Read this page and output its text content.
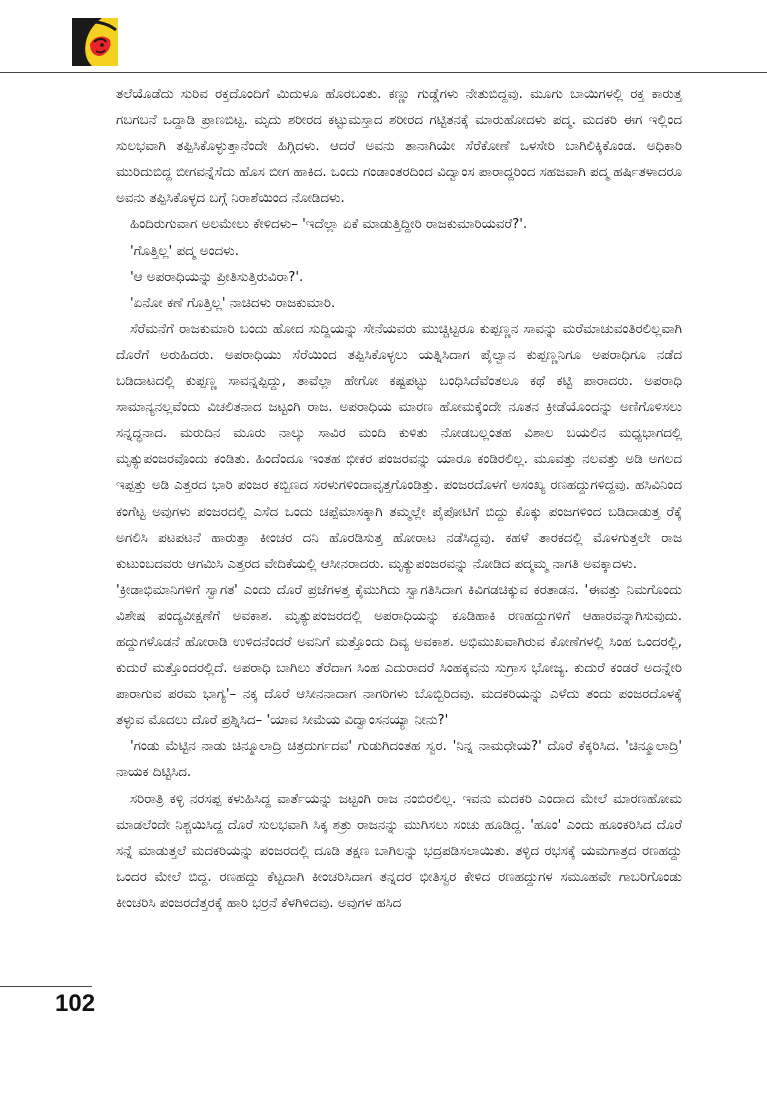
ತಲೆಯೊಡೆದು ಸುರಿವ ರಕ್ತದೊಂದಿಗೆ ಮಿದುಳೂ ಹೊರಬಂತು. ಕಣ್ಣು ಗುಡ್ಡೆಗಳು ನೇತುಬಿದ್ದವು. ಮೂಗು ಬಾಯಿಗಳಲ್ಲಿ ರಕ್ತ ಕಾರುತ್ತ ಗಬಗಬನೆ ಒದ್ದಾಡಿ ಪ್ರಾಣಬಿಟ್ಟ. ಮೃದು ಶರೀರದ ಕಟ್ಟುಮಸ್ತಾದ ಶರೀರದ ಗಟ್ಟಿತನಕ್ಕೆ ಮಾರುಹೋದಳು ಪದ್ಮ. ಮದಕರಿ ಈಗ ಇಲ್ಲಿಂದ ಸುಲಭವಾಗಿ ತಪ್ಪಿಸಿಕೊಳ್ಳುತ್ತಾನೆಂದೇ ಹಿಗ್ಗಿದಳು. ಆದರೆ ಅವನು ತಾನಾಗಿಯೇ ಸೆರೆಕೋಣೆ ಒಳಸೇರಿ ಬಾಗಿಲಿಕ್ಕಿಕೊಂಡ. ಅಧಿಕಾರಿ ಮುರಿದುಬಿದ್ದ ಬೀಗವನ್ನೆಸೆದು ಹೊಸ ಬೀಗ ಹಾಕಿದ. ಒಂದು ಗಂಡಾಂತರದಿಂದ ವಿದ್ವಾಂಸ ಪಾರಾದ್ದರಿಂದ ಸಹಜವಾಗಿ ಪದ್ಮ ಹರ್ಷಿತಳಾದರೂ ಅವನು ತಪ್ಪಿಸಿಕೊಳ್ಳದ ಬಗ್ಗೆ ನಿರಾಶೆಯಿಂದ ನೋಡಿದಳು.

ಹಿಂದಿರುಗುವಾಗ ಅಲಮೇಲು ಕೇಳಿದಳು– 'ಇದೆಲ್ಲಾ ಏಕೆ ಮಾಡುತ್ತಿದ್ದೀರಿ ರಾಜಕುಮಾರಿಯವರೆ?'.

'ಗೊತ್ತಿಲ್ಲ' ಪದ್ಮ ಅಂದಳು.

'ಆ ಅಪರಾಧಿಯನ್ನು ಪ್ರೀತಿಸುತ್ತಿರುವಿರಾ?'.

'ಏನೋ ಕಣೆ ಗೊತ್ತಿಲ್ಲ' ನಾಚಿದಳು ರಾಜಕುಮಾರಿ.

ಸೆರೆಮನೆಗೆ ರಾಜಕುಮಾರಿ ಬಂದು ಹೋದ ಸುದ್ದಿಯನ್ನು ಸೇನೆಯವರು ಮುಚ್ಚಿಟ್ಟರೂ ಕುಪ್ಪಣ್ಣನ ಸಾವನ್ನು ಮರೆಮಾಚುವಂತಿರಲಿಲ್ಲವಾಗಿ ದೊರೆಗೆ ಅರುಹಿದರು. ಅಪರಾಧಿಯು ಸೆರೆಯಿಂದ ತಪ್ಪಿಸಿಕೊಳ್ಳಲು ಯತ್ನಿಸಿದಾಗ ಪೈಲ್ವಾನ ಕುಪ್ಪಣ್ಣನಿಗೂ ಅಪರಾಧಿಗೂ ನಡೆದ ಬಡಿದಾಟದಲ್ಲಿ ಕುಪ್ಪಣ್ಣ ಸಾವನ್ನಪ್ಪಿದ್ದು, ತಾವೆಲ್ಲಾ ಹೇಗೋ ಕಷ್ಟಪಟ್ಟು ಬಂಧಿಸಿದೆವೆಂತಲೂ ಕಥೆ ಕಟ್ಟಿ ಪಾರಾದರು. ಅಪರಾಧಿ ಸಾಮಾನ್ಯನಲ್ಲವೆಂದು ವಿಚಲಿತನಾದ ಜಟ್ಟಂಗಿ ರಾಜ. ಅಪರಾಧಿಯ ಮಾರಣ ಹೋಮಕ್ಕೆಂದೇ ನೂತನ ಕ್ರೀಡೆಯೊಂದನ್ನು ಅಣಿಗೊಳಿಸಲು ಸನ್ನದ್ಧನಾದ. ಮರುದಿನ ಮೂರು ನಾಲ್ಕು ಸಾವಿರ ಮಂದಿ ಕುಳಿತು ನೋಡಬಲ್ಲಂತಹ ವಿಶಾಲ ಬಯಲಿನ ಮಧ್ಯಭಾಗದಲ್ಲಿ ಮೃತ್ಯುಪಂಜರವೊಂದು ಕಂಡಿತು. ಹಿಂದೆಂದೂ ಇಂತಹ ಭೀಕರ ಪಂಜರವನ್ನು ಯಾರೂ ಕಂಡಿರಲಿಲ್ಲ. ಮೂವತ್ತು ನಲವತ್ತು ಅಡಿ ಅಗಲದ ಇಪ್ಪತ್ತು ಅಡಿ ಎತ್ತರದ ಭಾರಿ ಪಂಜರ ಕಬ್ಬಿಣದ ಸರಳುಗಳಿಂದಾವೃತ್ತಗೊಂಡಿತ್ತು. ಪಂಜರದೊಳಗೆ ಅಸಂಖ್ಯ ರಣಹದ್ದುಗಳಿದ್ದವು. ಹಸಿವಿನಿಂದ ಕಂಗೆಟ್ಟ ಅವುಗಳು ಪಂಜರದಲ್ಲಿ ಎಸೆದ ಒಂದು ಚಪ್ಪೆಮಾಸಕ್ಕಾಗಿ ತಮ್ಮಲ್ಲೇ ಪೈಪೋಟಿಗೆ ಬಿದ್ದು ಕೊಕ್ಕು ಪಂಜಗಳಿಂದ ಬಡಿದಾಡುತ್ತ ರೆಕ್ಕೆ ಅಗಲಿಸಿ ಪಟಪಟನೆ ಹಾರುತ್ತಾ ಕೀಂಚರ ದನಿ ಹೊರಡಿಸುತ್ತ ಹೋರಾಟ ನಡೆಸಿದ್ದವು. ಕಹಳೆ ತಾರಕದಲ್ಲಿ ಮೊಳಗುತ್ತಲೇ ರಾಜ ಕುಟುಂಬದವರು ಆಗಮಿಸಿ ಎತ್ತರದ ವೇದಿಕೆಯಲ್ಲಿ ಆಸೀನರಾದರು. ಮೃತ್ಯುಪಂಜರವನ್ನು ನೋಡಿದ ಪದ್ಮಮ್ಮ ನಾಗತಿ ಅವಕ್ಕಾದಳು.

'ಕ್ರೀಡಾಭಿಮಾನಿಗಳಿಗೆ ಸ್ವಾಗತ' ಎಂದು ದೊರೆ ಪ್ರಜೆಗಳತ್ತ ಕೈಮುಗಿದು ಸ್ವಾಗತಿಸಿದಾಗ ಕಿವಿಗಡಚಿಕ್ಕುವ ಕರತಾಡನ. 'ಈವತ್ತು ನಿಮಗೊಂದು ವಿಶೇಷ ಪಂದ್ಯವೀಕ್ಷಣೆಗೆ ಅವಕಾಶ. ಮೃತ್ಯುಪಂಜರದಲ್ಲಿ ಅಪರಾಧಿಯನ್ನು ಕೂಡಿಹಾಕಿ ರಣಹದ್ದುಗಳಿಗೆ ಆಹಾರವನ್ನಾಗಿಸುವುದು. ಹದ್ದುಗಳೊಡನೆ ಹೋರಾಡಿ ಉಳಿದನೆಂದರೆ ಅವನಿಗೆ ಮತ್ತೊಂದು ದಿವ್ಯ ಅವಕಾಶ. ಅಭಿಮುಖವಾಗಿರುವ ಕೋಣೆಗಳಲ್ಲಿ ಸಿಂಹ ಒಂದರಲ್ಲಿ, ಕುದುರೆ ಮತ್ತೊಂದರಲ್ಲಿದೆ. ಅಪರಾಧಿ ಬಾಗಿಲು ತೆರೆದಾಗ ಸಿಂಹ ಎದುರಾದರೆ ಸಿಂಹಕ್ಕವನು ಸುಗ್ರಾಸ ಭೋಜ್ಯ. ಕುದುರೆ ಕಂಡರೆ ಅದನ್ನೇರಿ ಪಾರಾಗುವ ಪರಮ ಭಾಗ್ಯ'– ನಕ್ಕ ದೊರೆ ಆಸೀನನಾದಾಗ ನಾಗರಿಗಳು ಬೊಬ್ಬಿರಿದವು. ಮದಕರಿಯನ್ನು ಎಳೆದು ತಂದು ಪಂಜರದೊಳಕ್ಕೆ ತಳ್ಳುವ ಮೊದಲು ದೊರೆ ಪ್ರಶ್ನಿಸಿದ– 'ಯಾವ ಸೀಮೆಯ ವಿದ್ವಾಂಸನಯ್ಯಾ ನೀನು?'

'ಗಂಡು ಮೆಟ್ಟಿನ ನಾಡು ಚಿನ್ಮೂಲಾದ್ರಿ ಚಿತ್ರದುರ್ಗದವ' ಗುಡುಗಿದಂತಹ ಸ್ವರ. 'ನಿನ್ನ ನಾಮಧೇಯ?' ದೊರೆ ಕೆಕ್ಕರಿಸಿದ. 'ಚಿನ್ಮೂಲಾದ್ರಿ' ನಾಯಕ ದಿಟ್ಟಿಸಿದ.

ಸರಿರಾತ್ರಿ ಕಳ್ಳಿ ನರಸಪ್ಪ ಕಳುಹಿಸಿದ್ದ ವಾರ್ತೆಯನ್ನು ಜಟ್ಟಂಗಿ ರಾಜ ನಂಬಿರಲಿಲ್ಲ. ಇವನು ಮದಕರಿ ಎಂದಾದ ಮೇಲೆ ಮಾರಣಹೋಮ ಮಾಡಲೆಂದೇ ನಿಶ್ಚಯಿಸಿದ್ದ ದೊರೆ ಸುಲಭವಾಗಿ ಸಿಕ್ಕ ಶತ್ರು ರಾಜನನ್ನು ಮುಗಿಸಲು ಸಂಚು ಹೂಡಿದ್ದ. 'ಹೂಂ' ಎಂದು ಹೂಂಕರಿಸಿದ ದೊರೆ ಸನ್ನೆ ಮಾಡುತ್ತಲೆ ಮದಕರಿಯನ್ನು ಪಂಜರದಲ್ಲಿ ದೂಡಿ ತಕ್ಷಣ ಬಾಗಿಲನ್ನು ಭದ್ರಪಡಿಸಲಾಯಿತು. ತಳ್ಳಿದ ರಭಸಕ್ಕೆ ಯಮಗಾತ್ರದ ರಣಹದ್ದು ಒಂದರ ಮೇಲೆ ಬಿದ್ದ. ರಣಹದ್ದು ಕೆಟ್ಟದಾಗಿ ಕೀಂಚರಿಸಿದಾಗ ತನ್ನದರ ಭೀತಿಸ್ವರ ಕೇಳಿದ ರಣಹದ್ದುಗಳ ಸಮೂಹವೇ ಗಾಬರಿಗೊಂಡು ಕೀಂಚರಿಸಿ ಪಂಜರದೆತ್ತರಕ್ಕೆ ಹಾರಿ ಭರ್‍ರನೆ ಕೆಳಗಿಳಿದವು. ಅವುಗಳ ಹಸಿದ

102
